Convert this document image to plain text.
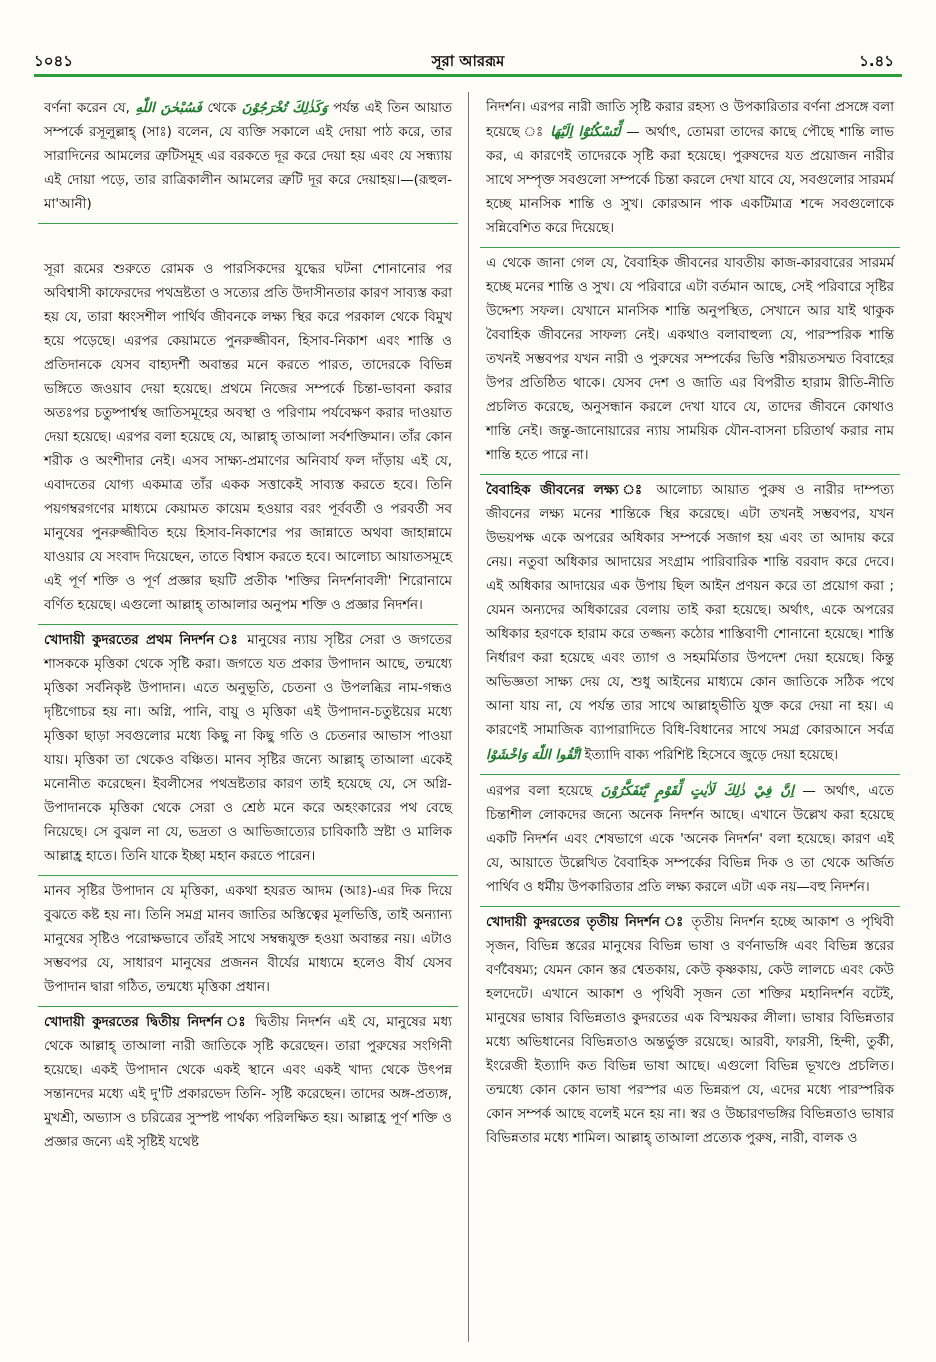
১০৪১	সূরা আররূম	১.৪১
বর্ণনা করেন যে, فَسُبْحٰنَ اللّٰهِ থেকে وَكَذٰلِكَ تُخْرَجُوْنَ পর্যন্ত এই তিন আয়াত সম্পর্কে রসূলুল্লাহ্ (সাঃ) বলেন, যে ব্যক্তি সকালে এই দোয়া পাঠ করে, তার সারাদিনের আমলের ত্রুটিসমূহ এর বরকতে দূর করে দেয়া হয় এবং যে সন্ধ্যায় এই দোয়া পড়ে, তার রাত্রিকালীন আমলের ত্রুটি দূর করে দেয়াহয়।—(রূহুল-মা'আনী)
সূরা রূমের শুরুতে রোমক ও পারসিকদের যুদ্ধের ঘটনা শোনানোর পর অবিশ্বাসী কাফেরদের পথভ্রষ্টতা ও সত্যের প্রতি উদাসীনতার কারণ সাব্যস্ত করা হয় যে, তারা ধ্বংসশীল পার্থিব জীবনকে লক্ষ্য স্থির করে পরকাল থেকে বিমুখ হয়ে পড়েছে। এরপর কেয়ামতে পুনরুজ্জীবন, হিসাব-নিকাশ এবং শাস্তি ও প্রতিদানকে যেসব বাহ্যদর্শী অবান্তর মনে করতে পারত, তাদেরকে বিভিন্ন ভঙ্গিতে জওয়াব দেয়া হয়েছে। প্রথমে নিজের সম্পর্কে চিন্তা-ভাবনা করার অতঃপর চতুষ্পার্শ্বস্থ জাতিসমূহের অবস্থা ও পরিণাম পর্যবেক্ষণ করার দাওয়াত দেয়া হয়েছে। এরপর বলা হয়েছে যে, আল্লাহ্ তাআলা সর্বশক্তিমান। তাঁর কোন শরীক ও অংশীদার নেই। এসব সাক্ষ্য-প্রমাণের অনিবার্য ফল দাঁড়ায় এই যে, এবাদতের যোগ্য একমাত্র তাঁর একক সত্তাকেই সাব্যস্ত করতে হবে। তিনি পয়গম্বরগণের মাধ্যমে কেয়ামত কায়েম হওয়ার বরং পূর্ববর্তী ও পরবর্তী সব মানুষের পুনরুজ্জীবিত হয়ে হিসাব-নিকাশের পর জান্নাতে অথবা জাহান্নামে যাওয়ার যে সংবাদ দিয়েছেন, তাতে বিশ্বাস করতে হবে। আলোচ্য আয়াতসমূহে এই পূর্ণ শক্তি ও পূর্ণ প্রজ্ঞার ছয়টি প্রতীক 'শক্তির নিদর্শনাবলী' শিরোনামে বর্ণিত হয়েছে। এগুলো আল্লাহ্ তাআলার অনুপম শক্তি ও প্রজ্ঞার নিদর্শন।
খোদায়ী কুদরতের প্রথম নিদর্শন ঃ মানুষের ন্যায় সৃষ্টির সেরা ও জগতের শাসককে মৃত্তিকা থেকে সৃষ্টি করা। জগতে যত প্রকার উপাদান আছে, তন্মধ্যে মৃত্তিকা সর্বনিকৃষ্ট উপাদান। এতে অনুভূতি, চেতনা ও উপলব্ধির নাম-গন্ধও দৃষ্টিগোচর হয় না। অগ্নি, পানি, বায়ু ও মৃত্তিকা এই উপাদান-চতুষ্টয়ের মধ্যে মৃত্তিকা ছাড়া সবগুলোর মধ্যে কিছু না কিছু গতি ও চেতনার আভাস পাওয়া যায়। মৃত্তিকা তা থেকেও বঞ্চিত। মানব সৃষ্টির জন্যে আল্লাহ্ তাআলা একেই মনোনীত করেছেন। ইবলীসের পথভ্রষ্টতার কারণ তাই হয়েছে যে, সে অগ্নি-উপাদানকে মৃত্তিকা থেকে সেরা ও শ্রেষ্ঠ মনে করে অহংকারের পথ বেছে নিয়েছে। সে বুঝল না যে, ভদ্রতা ও আভিজাত্যের চাবিকাঠি স্রষ্টা ও মালিক আল্লাহ্র হাতে। তিনি যাকে ইচ্ছা মহান করতে পারেন।
মানব সৃষ্টির উপাদান যে মৃত্তিকা, একথা হযরত আদম (আঃ)-এর দিক দিয়ে বুঝতে কষ্ট হয় না। তিনি সমগ্র মানব জাতির অস্তিত্বের মূলভিত্তি, তাই অন্যান্য মানুষের সৃষ্টিও পরোক্ষভাবে তাঁরই সাথে সম্বন্ধযুক্ত হওয়া অবান্তর নয়। এটাও সম্ভবপর যে, সাধারণ মানুষের প্রজনন বীর্যের মাধ্যমে হলেও বীর্য যেসব উপাদান দ্বারা গঠিত, তন্মধ্যে মৃত্তিকা প্রধান।
খোদায়ী কুদরতের দ্বিতীয় নিদর্শন ঃ দ্বিতীয় নিদর্শন এই যে, মানুষের মধ্য থেকে আল্লাহ্ তাআলা নারী জাতিকে সৃষ্টি করেছেন। তারা পুরুষের সংগিনী হয়েছে। একই উপাদান থেকে একই স্থানে এবং একই খাদ্য থেকে উৎপন্ন সন্তানদের মধ্যে এই দু'টি প্রকারভেদ তিনি- সৃষ্টি করেছেন। তাদের অঙ্গ-প্রত্যঙ্গ, মুখশ্রী, অভ্যাস ও চরিত্রের সুস্পষ্ট পার্থক্য পরিলক্ষিত হয়। আল্লাহ্র পূর্ণ শক্তি ও প্রজ্ঞার জন্যে এই সৃষ্টিই যথেষ্ট
নিদর্শন। এরপর নারী জাতি সৃষ্টি করার রহস্য ও উপকারিতার বর্ণনা প্রসঙ্গে বলা হয়েছে ঃ لِّتَسْكُنُوْٓا اِلَيْهَا — অর্থাৎ, তোমরা তাদের কাছে পৌছে শান্তি লাভ কর, এ কারণেই তাদেরকে সৃষ্টি করা হয়েছে। পুরুষদের যত প্রয়োজন নারীর সাথে সম্পৃক্ত সবগুলো সম্পর্কে চিন্তা করলে দেখা যাবে যে, সবগুলোর সারমর্ম হচ্ছে মানসিক শান্তি ও সুখ। কোরআন পাক একটিমাত্র শব্দে সবগুলোকে সন্নিবেশিত করে দিয়েছে।
এ থেকে জানা গেল যে, বৈবাহিক জীবনের যাবতীয় কাজ-কারবারের সারমর্ম হচ্ছে মনের শান্তি ও সুখ। যে পরিবারে এটা বর্তমান আছে, সেই পরিবারে সৃষ্টির উদ্দেশ্য সফল। যেখানে মানসিক শান্তি অনুপস্থিত, সেখানে আর যাই থাকুক বৈবাহিক জীবনের সাফল্য নেই। একথাও বলাবাহুল্য যে, পারস্পরিক শান্তি তখনই সম্ভবপর যখন নারী ও পুরুষের সম্পর্কের ভিত্তি শরীয়তসম্মত বিবাহের উপর প্রতিষ্ঠিত থাকে। যেসব দেশ ও জাতি এর বিপরীত হারাম রীতি-নীতি প্রচলিত করেছে, অনুসন্ধান করলে দেখা যাবে যে, তাদের জীবনে কোথাও শান্তি নেই। জন্তু-জানোয়ারের ন্যায় সাময়িক যৌন-বাসনা চরিতার্থ করার নাম শান্তি হতে পারে না।
বৈবাহিক জীবনের লক্ষ্য ঃ আলোচ্য আয়াত পুরুষ ও নারীর দাম্পত্য জীবনের লক্ষ্য মনের শান্তিকে স্থির করেছে। এটা তখনই সম্ভবপর, যখন উভয়পক্ষ একে অপরের অধিকার সম্পর্কে সজাগ হয় এবং তা আদায় করে নেয়। নতুবা অধিকার আদায়ের সংগ্রাম পারিবারিক শান্তি বরবাদ করে দেবে। এই অধিকার আদায়ের এক উপায় ছিল আইন প্রণয়ন করে তা প্রয়োগ করা ; যেমন অন্যদের অধিকারের বেলায় তাই করা হয়েছে। অর্থাৎ, একে অপরের অধিকার হরণকে হারাম করে তজ্জন্য কঠোর শাস্তিবাণী শোনানো হয়েছে। শাস্তি নির্ধারণ করা হয়েছে এবং ত্যাগ ও সহমর্মিতার উপদেশ দেয়া হয়েছে। কিন্তু অভিজ্ঞতা সাক্ষ্য দেয় যে, শুধু আইনের মাধ্যমে কোন জাতিকে সঠিক পথে আনা যায় না, যে পর্যন্ত তার সাথে আল্লাহ্ভীতি যুক্ত করে দেয়া না হয়। এ কারণেই সামাজিক ব্যাপারাদিতে বিধি-বিধানের সাথে সমগ্র কোরআনে সর্বত্র اتَّقُوا اللّٰهَ وَاخْشَوْا	ইত্যাদি বাক্য পরিশিষ্ট হিসেবে জুড়ে দেয়া হয়েছে।
এরপর বলা হয়েছে اِنَّ فِيْ ذٰلِكَ لَاٰيٰتٍ لِّقَوْمٍ يَّتَفَكَّرُوْنَ — অর্থাৎ, এতে চিন্তাশীল লোকদের জন্যে অনেক নিদর্শন আছে। এখানে উল্লেখ করা হয়েছে একটি নিদর্শন এবং শেষভাগে একে 'অনেক নিদর্শন' বলা হয়েছে। কারণ এই যে, আয়াতে উল্লেখিত বৈবাহিক সম্পর্কের বিভিন্ন দিক ও তা থেকে অর্জিত পার্থিব ও ধর্মীয় উপকারিতার প্রতি লক্ষ্য করলে এটা এক নয়—বহু নিদর্শন।
খোদায়ী কুদরতের তৃতীয় নিদর্শন ঃ তৃতীয় নিদর্শন হচ্ছে আকাশ ও পৃথিবী সৃজন, বিভিন্ন স্তরের মানুষের বিভিন্ন ভাষা ও বর্ণনাভঙ্গি এবং বিভিন্ন স্তরের বর্ণবৈষম্য; যেমন কোন স্তর শ্বেতকায়, কেউ কৃষ্ণকায়, কেউ লালচে এবং কেউ হলদেটে। এখানে আকাশ ও পৃথিবী সৃজন তো শক্তির মহানিদর্শন বটেই, মানুষের ভাষার বিভিন্নতাও কুদরতের এক বিস্ময়কর লীলা। ভাষার বিভিন্নতার মধ্যে অভিধানের বিভিন্নতাও অন্তর্ভুক্ত রয়েছে। আরবী, ফারসী, হিন্দী, তুর্কী, ইংরেজী ইত্যাদি কত বিভিন্ন ভাষা আছে। এগুলো বিভিন্ন ভূখণ্ডে প্রচলিত। তন্মধ্যে কোন কোন ভাষা পরস্পর এত ভিন্নরূপ যে, এদের মধ্যে পারস্পরিক কোন সম্পর্ক আছে বলেই মনে হয় না। স্বর ও উচ্চারণভঙ্গির বিভিন্নতাও ভাষার বিভিন্নতার মধ্যে শামিল। আল্লাহ্ তাআলা প্রত্যেক পুরুষ, নারী, বালক ও
